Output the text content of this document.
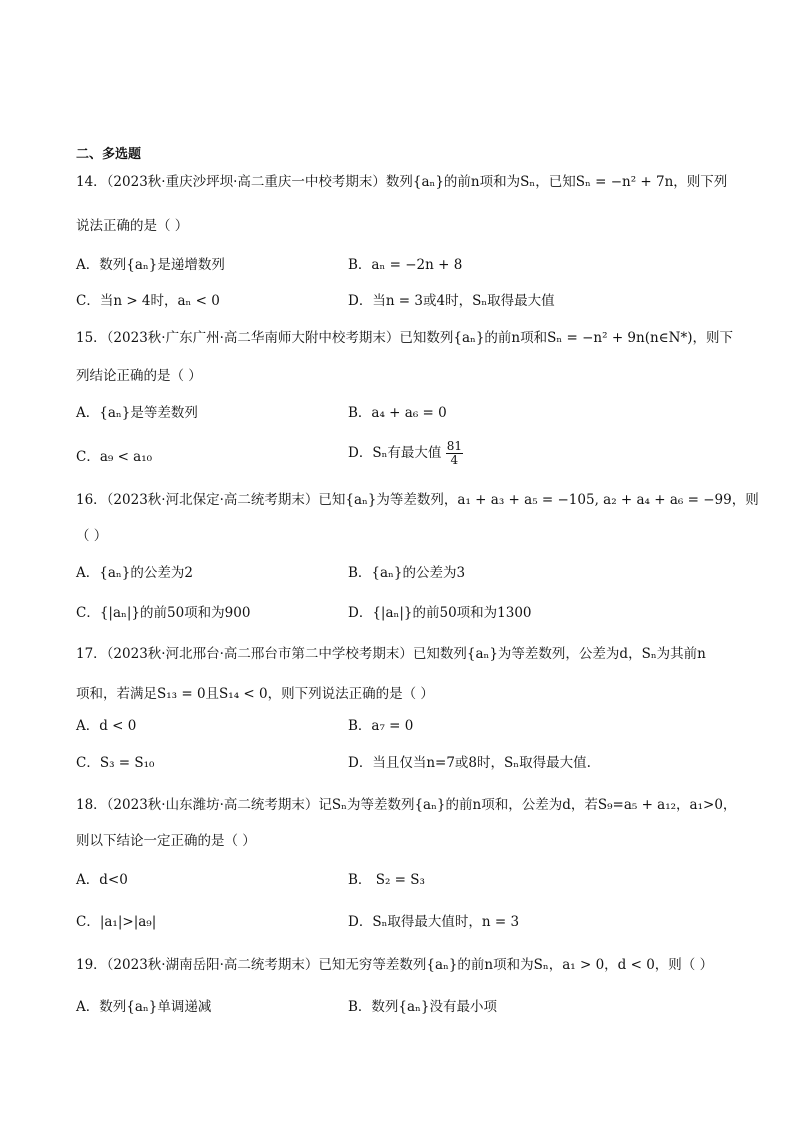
二、多选题
14．（2023秋·重庆沙坪坝·高二重庆一中校考期末）数列{aₙ}的前n项和为Sₙ，已知Sₙ = −n² + 7n，则下列
说法正确的是（ ）
A．数列{aₙ}是递增数列	B．aₙ = −2n + 8
C．当n > 4时，aₙ < 0	D．当n = 3或4时，Sₙ取得最大值
15．（2023秋·广东广州·高二华南师大附中校考期末）已知数列{aₙ}的前n项和Sₙ = −n² + 9n(n∈N*)，则下
列结论正确的是（ ）
A．{aₙ}是等差数列	B．a₄ + a₆ = 0
C．a₉ < a₁₀	D．Sₙ有最大值 $\frac{81}{4}$
16．（2023秋·河北保定·高二统考期末）已知{aₙ}为等差数列，a₁ + a₃ + a₅ = −105, a₂ + a₄ + a₆ = −99，则
（ ）
A．{aₙ}的公差为2	B．{aₙ}的公差为3
C．{|aₙ|}的前50项和为900	D．{|aₙ|}的前50项和为1300
17．（2023秋·河北邢台·高二邢台市第二中学校考期末）已知数列{aₙ}为等差数列，公差为d，Sₙ为其前n
项和，若满足S₁₃ = 0且S₁₄ < 0，则下列说法正确的是（ ）
A．d < 0	B．a₇ = 0
C．S₃ = S₁₀	D．当且仅当n=7或8时，Sₙ取得最大值.
18．（2023秋·山东潍坊·高二统考期末）记Sₙ为等差数列{aₙ}的前n项和，公差为d，若S₉=a₅ + a₁₂，a₁>0，
则以下结论一定正确的是（ ）
A．d<0	B． S₂ = S₃
C．|a₁|>|a₉|	D．Sₙ取得最大值时，n = 3
19．（2023秋·湖南岳阳·高二统考期末）已知无穷等差数列{aₙ}的前n项和为Sₙ，a₁ > 0，d < 0，则（ ）
A．数列{aₙ}单调递减	B．数列{aₙ}没有最小项
